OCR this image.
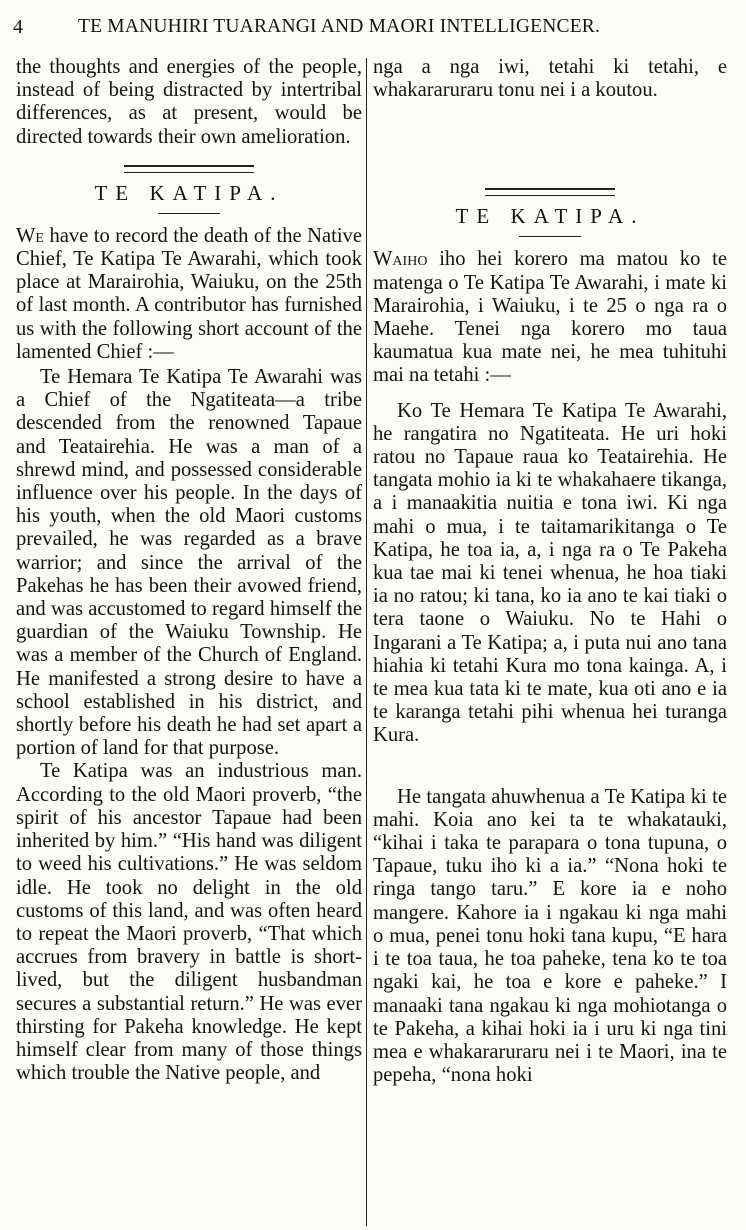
4	TE MANUHIRI TUARANGI AND MAORI INTELLIGENCER.

the thoughts and energies of the people, instead of being distracted by intertribal differences, as at present, would be directed towards their own amelioration.

TE KATIPA.

We have to record the death of the Native Chief, Te Katipa Te Awarahi, which took place at Marairohia, Waiuku, on the 25th of last month. A contributor has furnished us with the following short account of the lamented Chief :—

Te Hemara Te Katipa Te Awarahi was a Chief of the Ngatiteata—a tribe descended from the renowned Tapaue and Teatairehia. He was a man of a shrewd mind, and possessed considerable influence over his people. In the days of his youth, when the old Maori customs prevailed, he was regarded as a brave warrior; and since the arrival of the Pakehas he has been their avowed friend, and was accustomed to regard himself the guardian of the Waiuku Township. He was a member of the Church of England. He manifested a strong desire to have a school established in his district, and shortly before his death he had set apart a portion of land for that purpose.

Te Katipa was an industrious man. According to the old Maori proverb, “the spirit of his ancestor Tapaue had been inherited by him.” “His hand was diligent to weed his cultivations.” He was seldom idle. He took no delight in the old customs of this land, and was often heard to repeat the Maori proverb, “That which accrues from bravery in battle is short-lived, but the diligent husbandman secures a substantial return.” He was ever thirsting for Pakeha knowledge. He kept himself clear from many of those things which trouble the Native people, and

nga a nga iwi, tetahi ki tetahi, e whakararuraru tonu nei i a koutou.

TE KATIPA.

Waiho iho hei korero ma matou ko te matenga o Te Katipa Te Awarahi, i mate ki Marairohia, i Waiuku, i te 25 o nga ra o Maehe. Tenei nga korero mo taua kaumatua kua mate nei, he mea tuhituhi mai na tetahi :—

Ko Te Hemara Te Katipa Te Awarahi, he rangatira no Ngatiteata. He uri hoki ratou no Tapaue raua ko Teatairehia. He tangata mohio ia ki te whakahaere tikanga, a i manaakitia nuitia e tona iwi. Ki nga mahi o mua, i te taitamarikitanga o Te Katipa, he toa ia, a, i nga ra o Te Pakeha kua tae mai ki tenei whenua, he hoa tiaki ia no ratou; ki tana, ko ia ano te kai tiaki o tera taone o Waiuku. No te Hahi o Ingarani a Te Katipa; a, i puta nui ano tana hiahia ki tetahi Kura mo tona kainga. A, i te mea kua tata ki te mate, kua oti ano e ia te karanga tetahi pihi whenua hei turanga Kura.

He tangata ahuwhenua a Te Katipa ki te mahi. Koia ano kei ta te whakatauki, “kihai i taka te parapara o tona tupuna, o Tapaue, tuku iho ki a ia.” “Nona hoki te ringa tango taru.” E kore ia e noho mangere. Kahore ia i ngakau ki nga mahi o mua, penei tonu hoki tana kupu, “E hara i te toa taua, he toa paheke, tena ko te toa ngaki kai, he toa e kore e paheke.” I manaaki tana ngakau ki nga mohiotanga o te Pakeha, a kihai hoki ia i uru ki nga tini mea e whakararuraru nei i te Maori, ina te pepeha, “nona hoki
